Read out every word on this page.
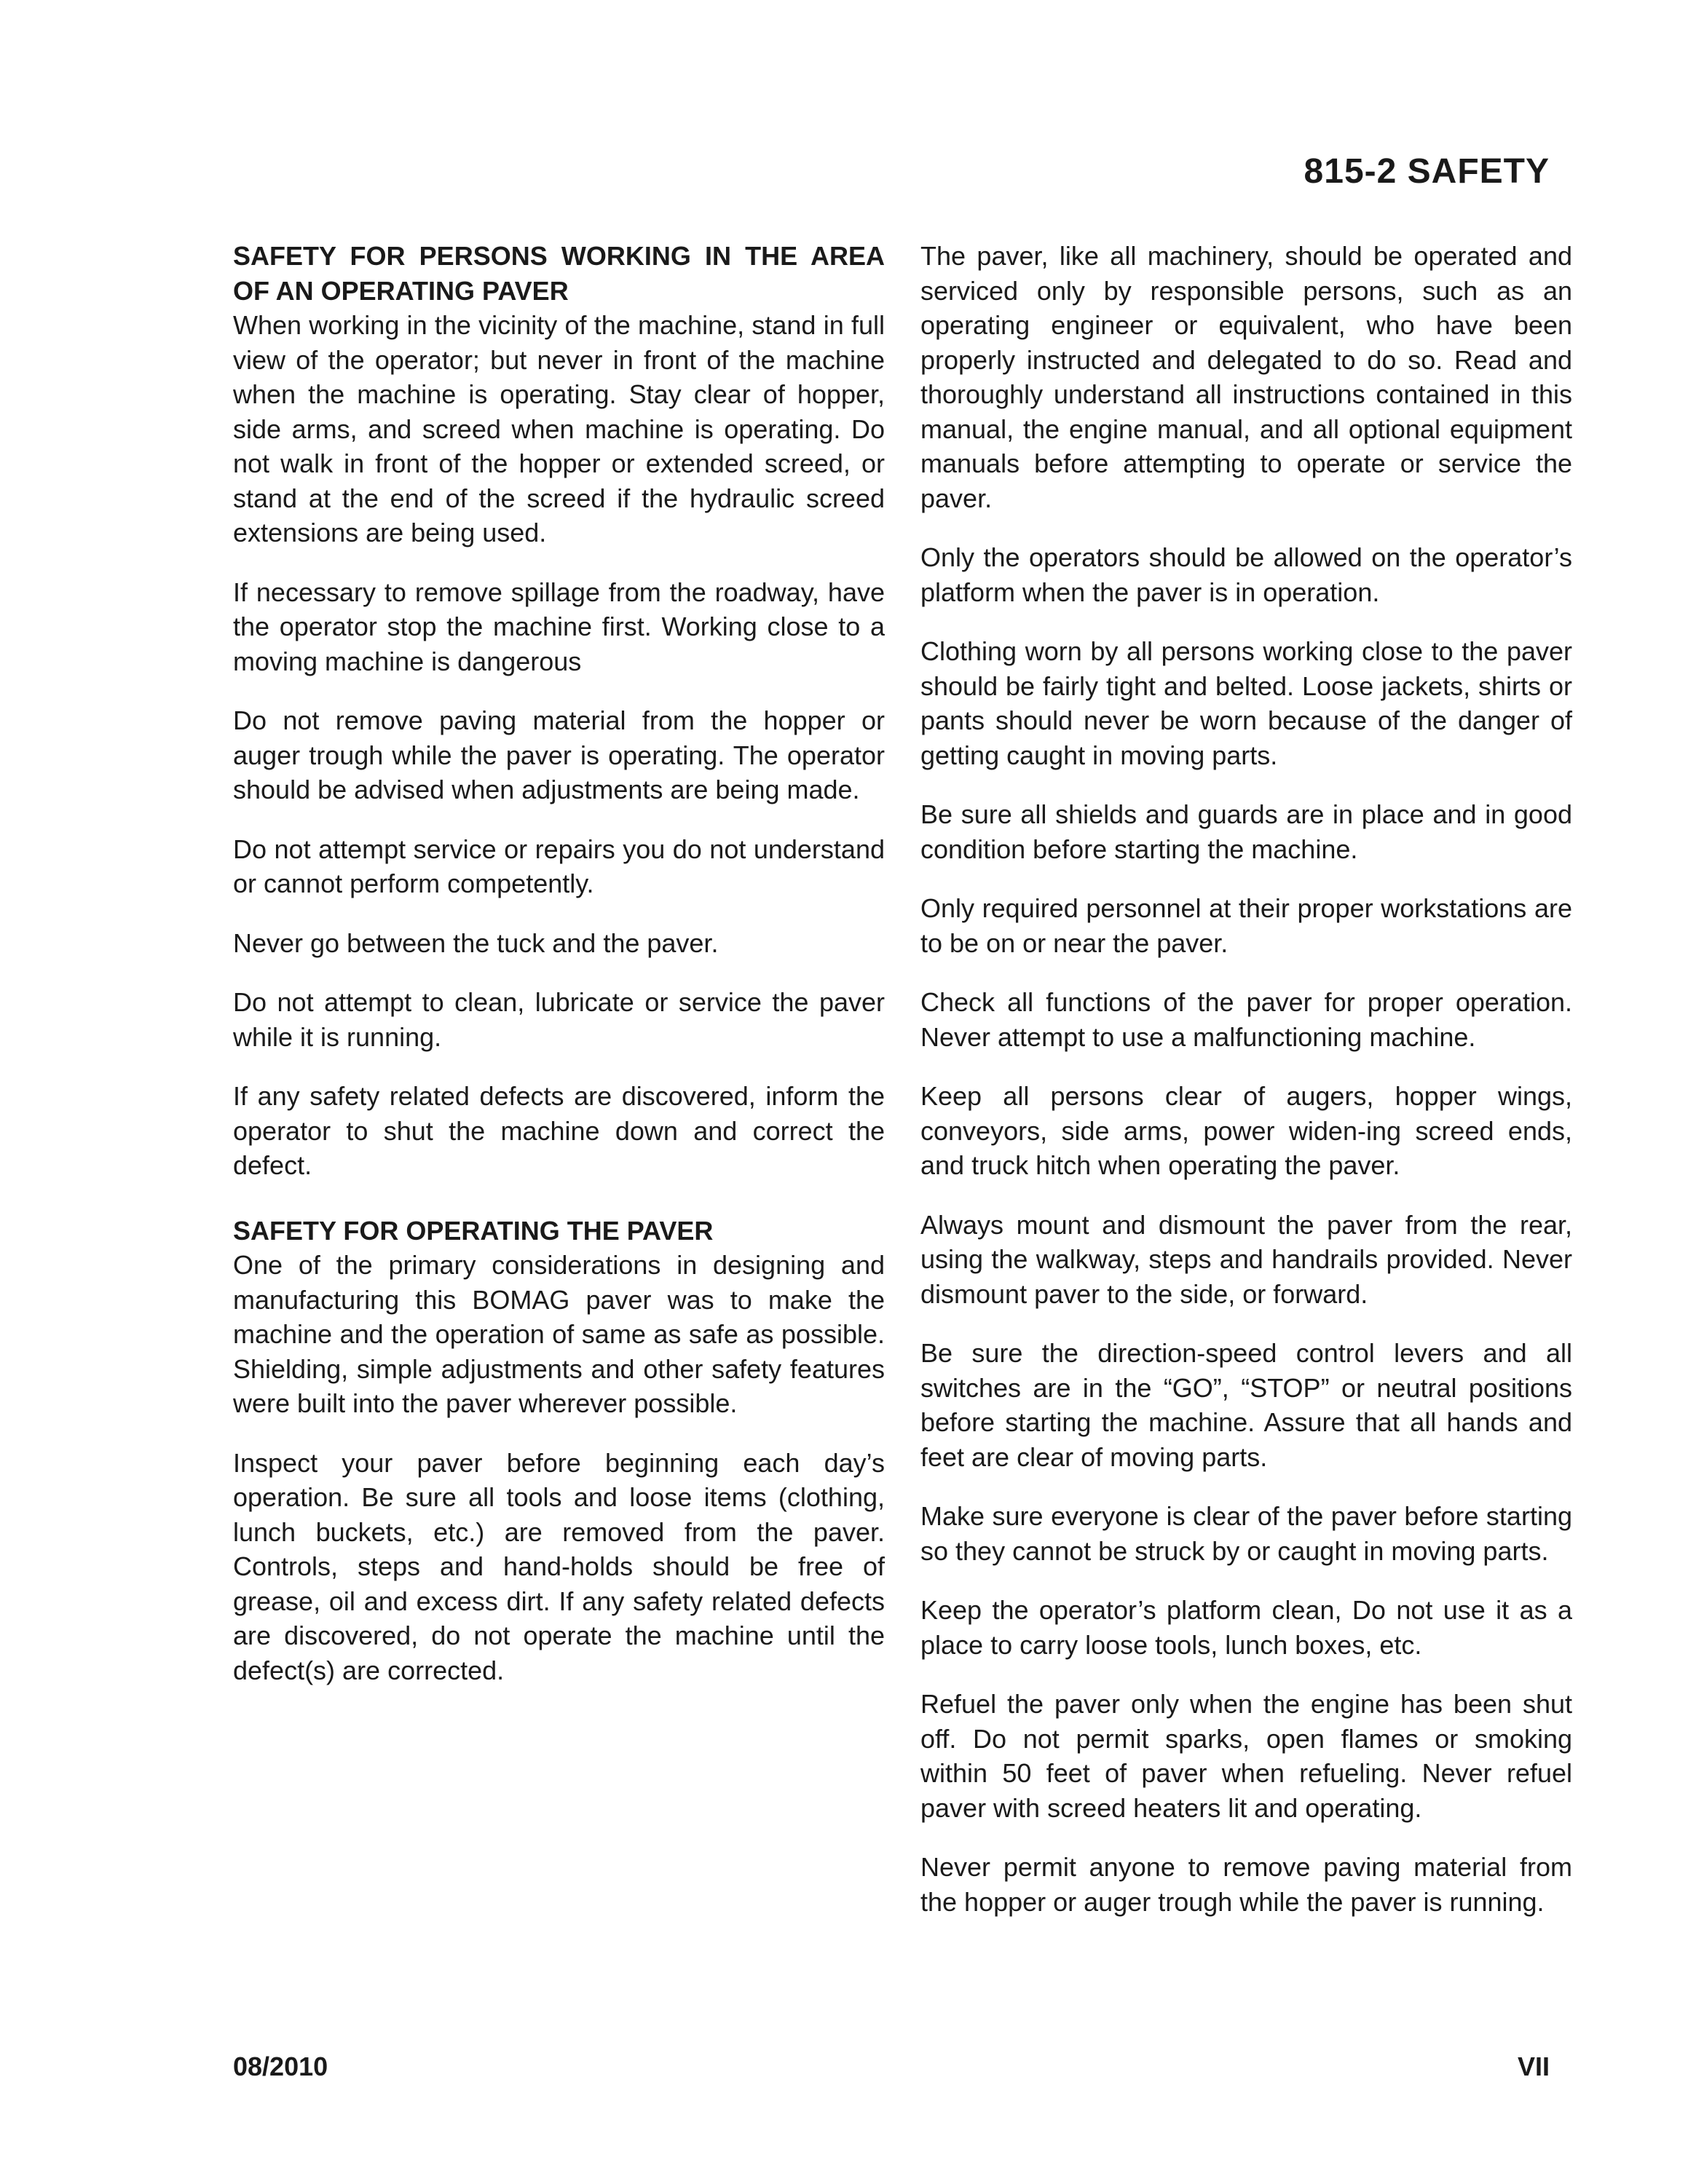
815-2 SAFETY
SAFETY FOR PERSONS WORKING IN THE AREA OF AN OPERATING PAVER

When working in the vicinity of the machine, stand in full view of the operator; but never in front of the machine when the machine is operating. Stay clear of hopper, side arms, and screed when machine is operating. Do not walk in front of the hopper or extended screed, or stand at the end of the screed if the hydraulic screed extensions are being used.

If necessary to remove spillage from the roadway, have the operator stop the machine first. Working close to a moving machine is dangerous

Do not remove paving material from the hopper or auger trough while the paver is operating. The operator should be advised when adjustments are being made.

Do not attempt service or repairs you do not understand or cannot perform competently.

Never go between the tuck and the paver.

Do not attempt to clean, lubricate or service the paver while it is running.

If any safety related defects are discovered, inform the operator to shut the machine down and correct the defect.

SAFETY FOR OPERATING THE PAVER

One of the primary considerations in designing and manufacturing this BOMAG paver was to make the machine and the operation of same as safe as possible. Shielding, simple adjustments and other safety features were built into the paver wherever possible.

Inspect your paver before beginning each day’s operation. Be sure all tools and loose items (clothing, lunch buckets, etc.) are removed from the paver. Controls, steps and hand-holds should be free of grease, oil and excess dirt. If any safety related defects are discovered, do not operate the machine until the defect(s) are corrected.

The paver, like all machinery, should be operated and serviced only by responsible persons, such as an operating engineer or equivalent, who have been properly instructed and delegated to do so. Read and thoroughly understand all instructions contained in this manual, the engine manual, and all optional equipment manuals before attempting to operate or service the paver.

Only the operators should be allowed on the operator’s platform when the paver is in operation.

Clothing worn by all persons working close to the paver should be fairly tight and belted. Loose jackets, shirts or pants should never be worn because of the danger of getting caught in moving parts.

Be sure all shields and guards are in place and in good condition before starting the machine.

Only required personnel at their proper workstations are to be on or near the paver.

Check all functions of the paver for proper operation. Never attempt to use a malfunctioning machine.

Keep all persons clear of augers, hopper wings, conveyors, side arms, power widen-ing screed ends, and truck hitch when operating the paver.

Always mount and dismount the paver from the rear, using the walkway, steps and handrails provided. Never dismount paver to the side, or forward.

Be sure the direction-speed control levers and all switches are in the “GO”, “STOP” or neutral positions before starting the machine. Assure that all hands and feet are clear of moving parts.

Make sure everyone is clear of the paver before starting so they cannot be struck by or caught in moving parts.

Keep the operator’s platform clean, Do not use it as a place to carry loose tools, lunch boxes, etc.

Refuel the paver only when the engine has been shut off. Do not permit sparks, open flames or smoking within 50 feet of paver when refueling. Never refuel paver with screed heaters lit and operating.

Never permit anyone to remove paving material from the hopper or auger trough while the paver is running.

08/2010	VII
